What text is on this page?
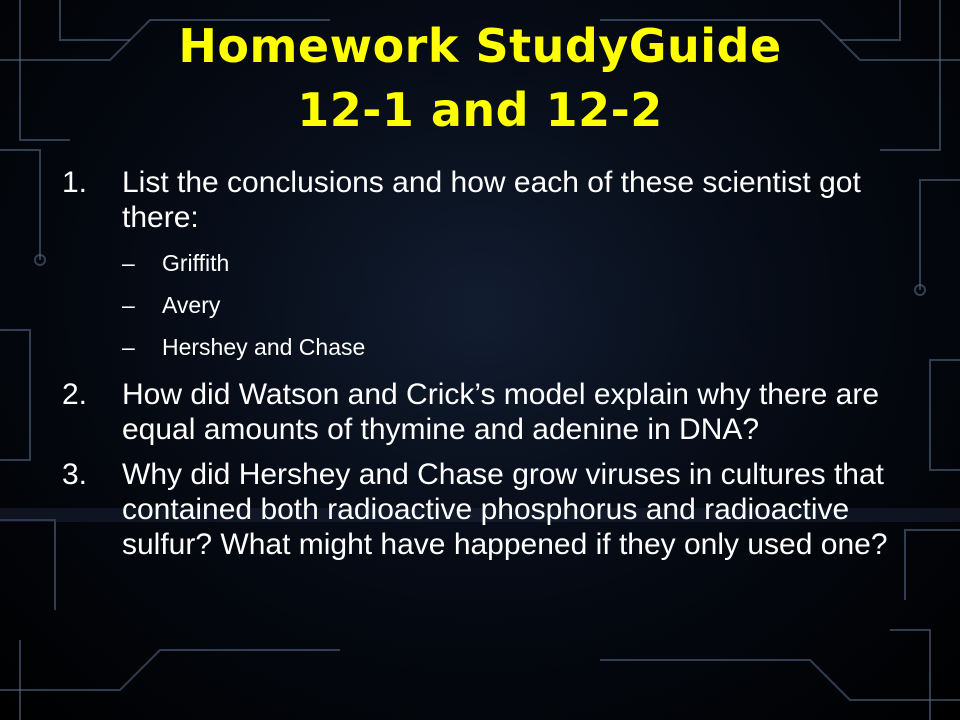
Homework StudyGuide
12-1 and 12-2
1.	List the conclusions and how each of these scientist got there:
–	Griffith
–	Avery
–	Hershey and Chase
2.	How did Watson and Crick’s model explain why there are equal amounts of thymine and adenine in DNA?
3.	Why did Hershey and Chase grow viruses in cultures that contained both radioactive phosphorus and radioactive sulfur? What might have happened if they only used one?
